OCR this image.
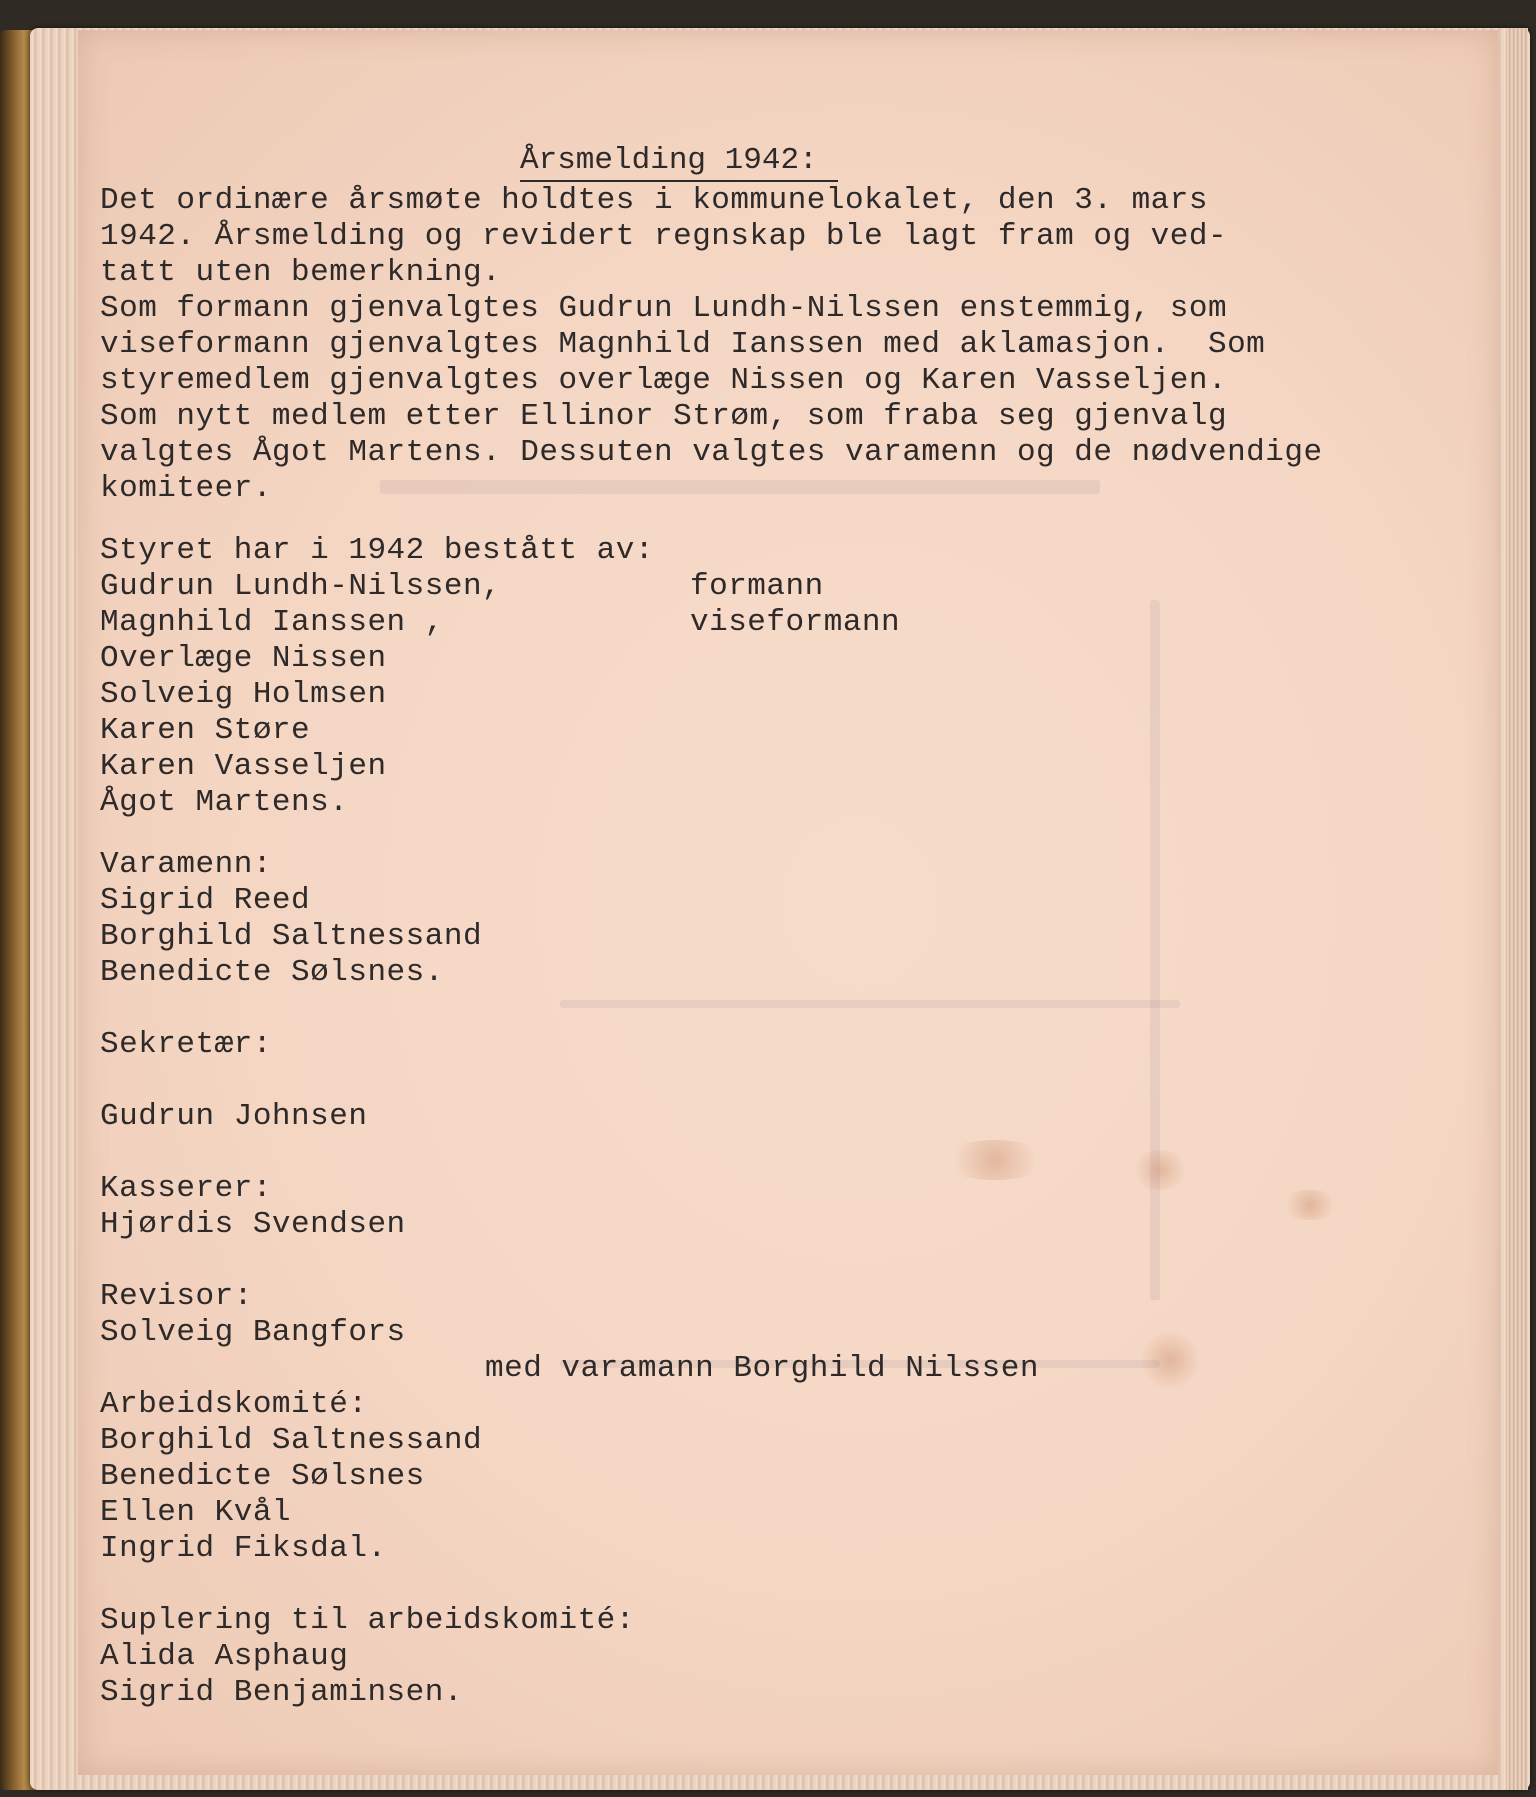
Årsmelding 1942:
Det ordinære årsmøte holdtes i kommunelokalet, den 3. mars
1942. Årsmelding og revidert regnskap ble lagt fram og ved-
tatt uten bemerkning.
Som formann gjenvalgtes Gudrun Lundh-Nilssen enstemmig, som
viseformann gjenvalgtes Magnhild Ianssen med aklamasjon.  Som
styremedlem gjenvalgtes overlæge Nissen og Karen Vasseljen.
Som nytt medlem etter Ellinor Strøm, som fraba seg gjenvalg
valgtes Ågot Martens. Dessuten valgtes varamenn og de nødvendige
komiteer.
Styret har i 1942 bestått av:
Gudrun Lundh-Nilssen,	formann
Magnhild Ianssen ,	viseformann
Overlæge Nissen
Solveig Holmsen
Karen Støre
Karen Vasseljen
Ågot Martens.
Varamenn:
Sigrid Reed
Borghild Saltnessand
Benedicte Sølsnes.
Sekretær:
Gudrun Johnsen
Kasserer:
Hjørdis Svendsen
Revisor:
Solveig Bangfors
med varamann Borghild Nilssen
Arbeidskomité:
Borghild Saltnessand
Benedicte Sølsnes
Ellen Kvål
Ingrid Fiksdal.
Suplering til arbeidskomité:
Alida Asphaug
Sigrid Benjaminsen.
